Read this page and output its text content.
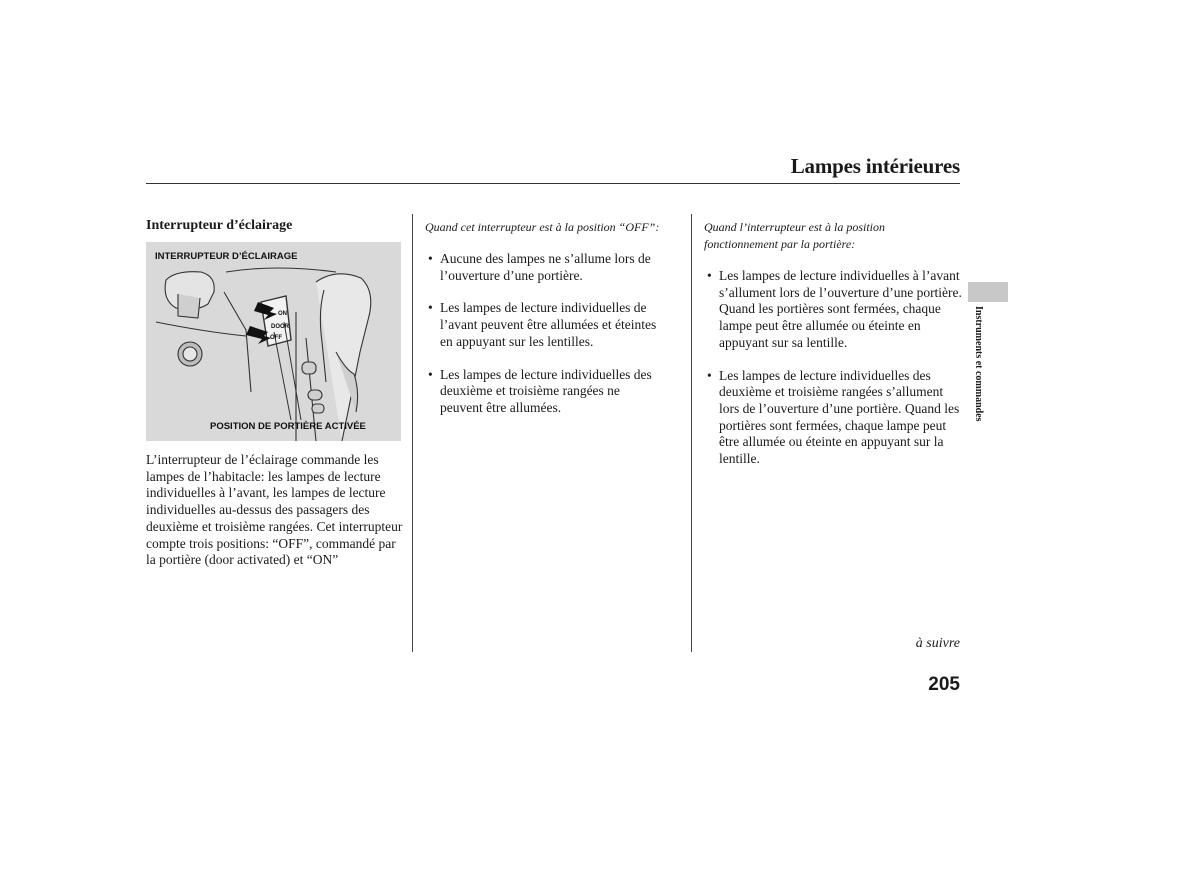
Lampes intérieures
Interrupteur d’éclairage
INTERRUPTEUR D’ÉCLAIRAGE
ON
DOOR
OFF
POSITION DE PORTIÈRE ACTIVÉE
L’interrupteur de l’éclairage commande les lampes de l’habitacle: les lampes de lecture individuelles à l’avant, les lampes de lecture individuelles au-dessus des passagers des deuxième et troisième rangées. Cet interrupteur compte trois positions: “OFF”, commandé par la portière (door activated) et “ON”
Quand cet interrupteur est à la position “OFF”:
• Aucune des lampes ne s’allume lors de l’ouverture d’une portière.
• Les lampes de lecture individuelles de l’avant peuvent être allumées et éteintes en appuyant sur les lentilles.
• Les lampes de lecture individuelles des deuxième et troisième rangées ne peuvent être allumées.
Quand l’interrupteur est à la position fonctionnement par la portière:
• Les lampes de lecture individuelles à l’avant s’allument lors de l’ouverture d’une portière. Quand les portières sont fermées, chaque lampe peut être allumée ou éteinte en appuyant sur sa lentille.
• Les lampes de lecture individuelles des deuxième et troisième rangées s’allument lors de l’ouverture d’une portière. Quand les portières sont fermées, chaque lampe peut être allumée ou éteinte en appuyant sur la lentille.
à suivre
205
Instruments et commandes
